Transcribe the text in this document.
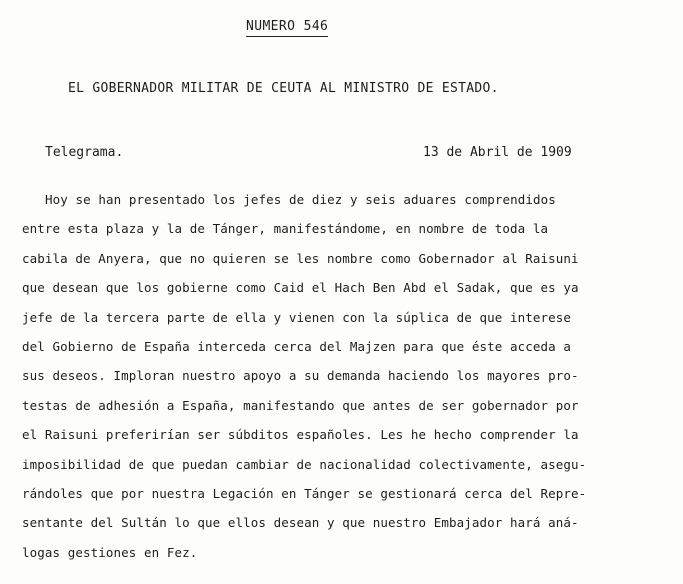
NUMERO 546
EL GOBERNADOR MILITAR DE CEUTA AL MINISTRO DE ESTADO.
Telegrama.	13 de Abril de 1909
Hoy se han presentado los jefes de diez y seis aduares comprendidos
entre esta plaza y la de Tánger, manifestándome, en nombre de toda la
cabila de Anyera, que no quieren se les nombre como Gobernador al Raisuni
que desean que los gobierne como Caid el Hach Ben Abd el Sadak, que es ya
jefe de la tercera parte de ella y vienen con la súplica de que interese
del Gobierno de España interceda cerca del Majzen para que éste acceda a
sus deseos. Imploran nuestro apoyo a su demanda haciendo los mayores pro-
testas de adhesión a España, manifestando que antes de ser gobernador por
el Raisuni preferirían ser súbditos españoles. Les he hecho comprender la
imposibilidad de que puedan cambiar de nacionalidad colectivamente, asegu-
rándoles que por nuestra Legación en Tánger se gestionará cerca del Repre-
sentante del Sultán lo que ellos desean y que nuestro Embajador hará aná-
logas gestiones en Fez.
